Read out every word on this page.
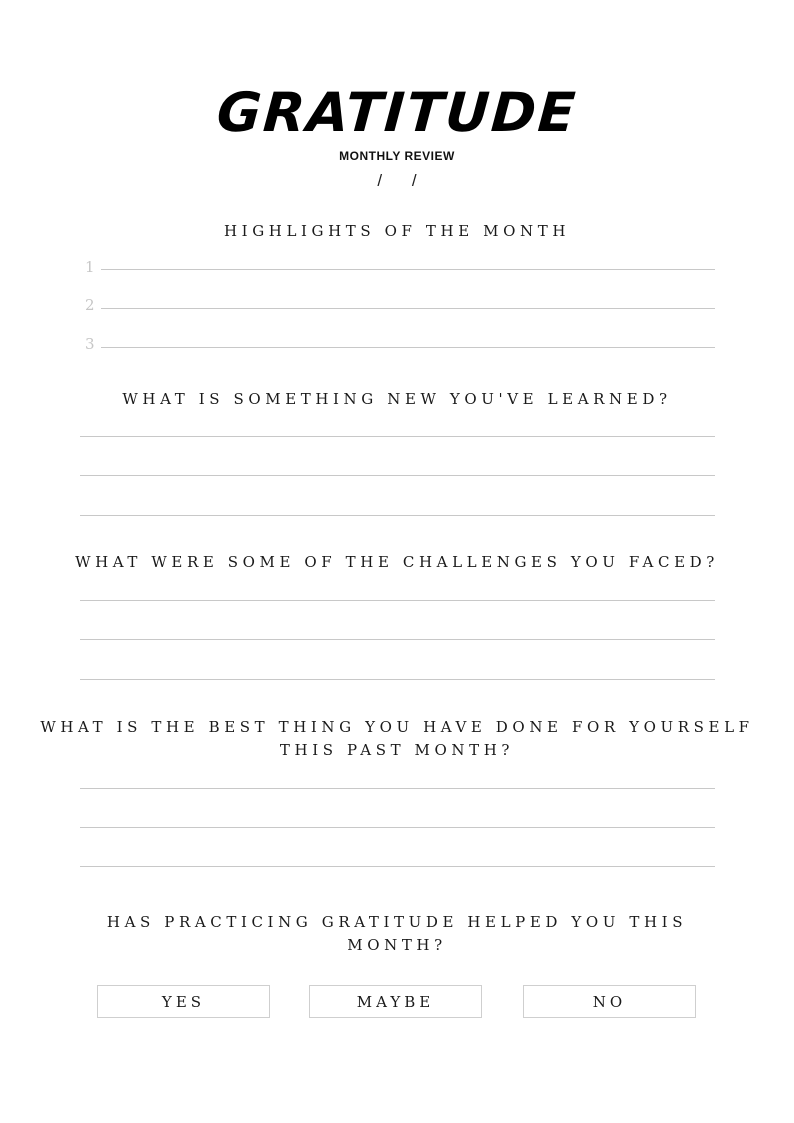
GRATITUDE
MONTHLY REVIEW
/ /
HIGHLIGHTS OF THE MONTH
1
2
3
WHAT IS SOMETHING NEW YOU'VE LEARNED?
WHAT WERE SOME OF THE CHALLENGES YOU FACED?
WHAT IS THE BEST THING YOU HAVE DONE FOR YOURSELF
THIS PAST MONTH?
HAS PRACTICING GRATITUDE HELPED YOU THIS
MONTH?
YES	MAYBE	NO
